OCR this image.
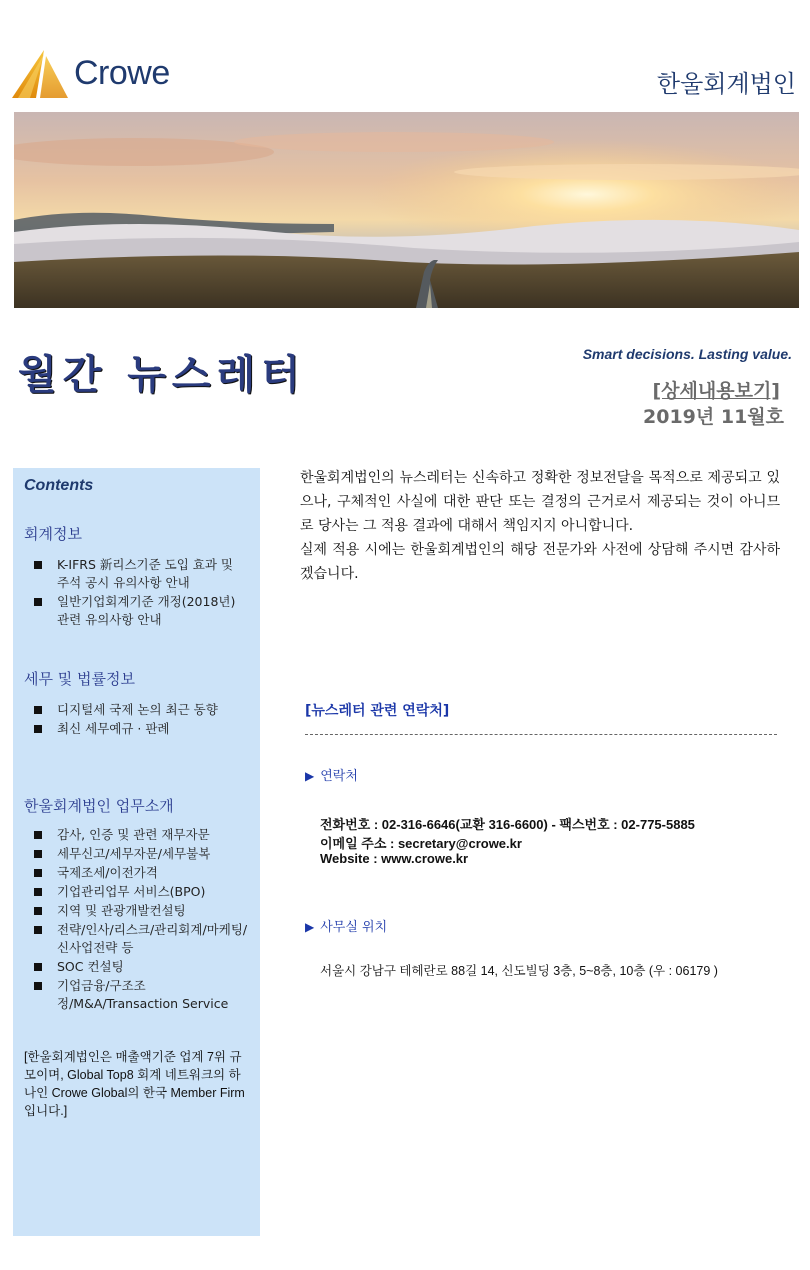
Crowe	한울회계법인
월간 뉴스레터	Smart decisions. Lasting value.
[상세내용보기]
2019년 11월호
Contents
회계정보
K-IFRS 新리스기준 도입 효과 및 주석 공시 유의사항 안내
일반기업회계기준 개정(2018년) 관련 유의사항 안내
세무 및 법률정보
디지털세 국제 논의 최근 동향
최신 세무예규 · 판례
한울회계법인 업무소개
감사, 인증 및 관련 재무자문
세무신고/세무자문/세무불복
국제조세/이전가격
기업관리업무 서비스(BPO)
지역 및 관광개발컨설팅
전략/인사/리스크/관리회계/마케팅/신사업전략 등
SOC 컨설팅
기업금융/구조조정/M&A/Transaction Service
[한울회계법인은 매출액기준 업계 7위 규모이며, Global Top8 회계 네트워크의 하나인 Crowe Global의 한국 Member Firm 입니다.]

한울회계법인의 뉴스레터는 신속하고 정확한 정보전달을 목적으로 제공되고 있으나, 구체적인 사실에 대한 판단 또는 결정의 근거로서 제공되는 것이 아니므로 당사는 그 적용 결과에 대해서 책임지지 아니합니다.

실제 적용 시에는 한울회계법인의 해당 전문가와 사전에 상담해 주시면 감사하겠습니다.

[뉴스레터 관련 연락처]
▶ 연락처
전화번호 : 02-316-6646(교환 316-6600) - 팩스번호 : 02-775-5885
이메일 주소 : secretary@crowe.kr
Website : www.crowe.kr
▶ 사무실 위치
서울시 강남구 테헤란로 88길 14, 신도빌딩 3층, 5~8층, 10층 (우 : 06179 )
